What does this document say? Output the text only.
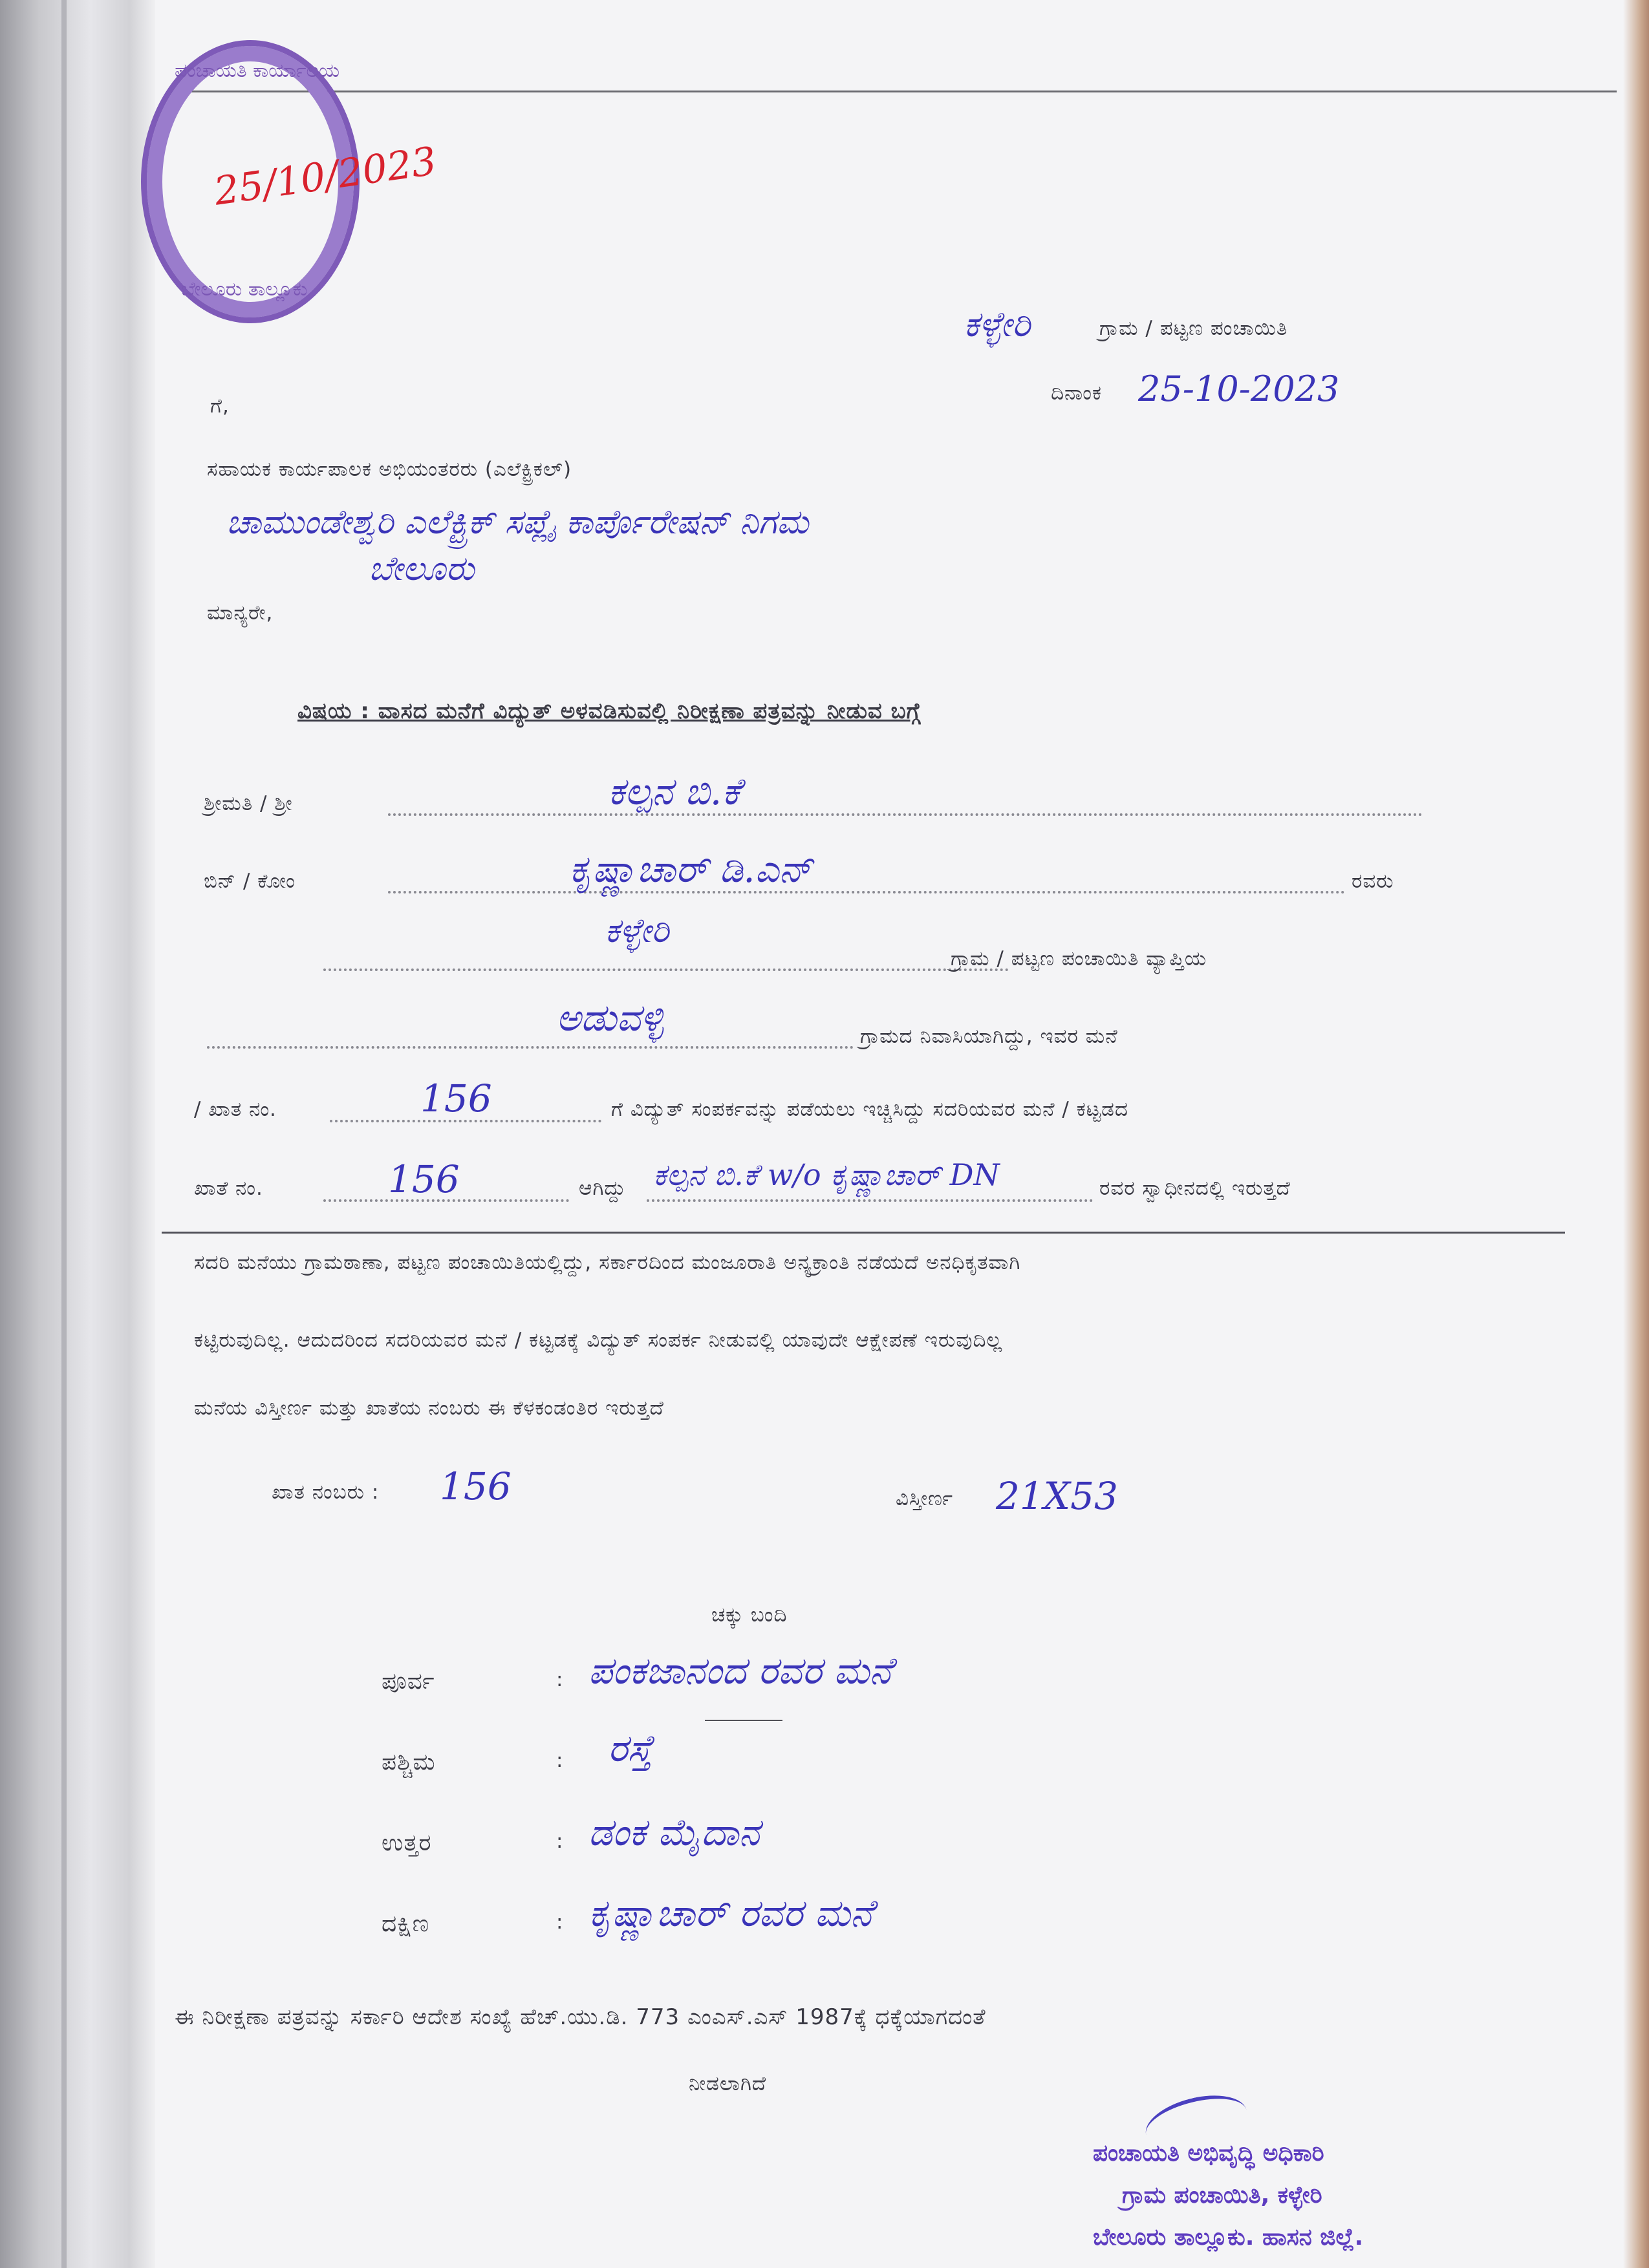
ಪಂಚಾಯತಿ ಕಾರ್ಯಾಲಯ
ಬೇಲೂರು ತಾಲ್ಲೂಕು
25/10/2023
ಕಳ್ಳೇರಿ	ಗ್ರಾಮ / ಪಟ್ಟಣ ಪಂಚಾಯಿತಿ
ದಿನಾಂಕ 25-10-2023
ಗೆ,
ಸಹಾಯಕ ಕಾರ್ಯಪಾಲಕ ಅಭಿಯಂತರರು (ಎಲೆಕ್ಟ್ರಿಕಲ್)
ಚಾಮುಂಡೇಶ್ವರಿ ಎಲೆಕ್ಟ್ರಿಕ್ ಸಪ್ಲೈ ಕಾರ್ಪೊರೇಷನ್ ನಿಗಮ
ಬೇಲೂರು
ಮಾನ್ಯರೇ,
ವಿಷಯ : ವಾಸದ ಮನೆಗೆ ವಿದ್ಯುತ್ ಅಳವಡಿಸುವಲ್ಲಿ ನಿರೀಕ್ಷಣಾ ಪತ್ರವನ್ನು ನೀಡುವ ಬಗ್ಗೆ
ಶ್ರೀಮತಿ / ಶ್ರೀ	ಕಲ್ಪನ ಬಿ.ಕೆ
ಬಿನ್ / ಕೋಂ	ಕೃಷ್ಣಾಚಾರ್ ಡಿ.ಎನ್	ರವರು
ಕಳ್ಳೇರಿ
ಗ್ರಾಮ / ಪಟ್ಟಣ ಪಂಚಾಯಿತಿ ವ್ಯಾಪ್ತಿಯ
ಅಡುವಳ್ಳಿ	ಗ್ರಾಮದ ನಿವಾಸಿಯಾಗಿದ್ದು, ಇವರ ಮನೆ
/ ಖಾತ ನಂ.	156	ಗೆ ವಿದ್ಯುತ್ ಸಂಪರ್ಕವನ್ನು ಪಡೆಯಲು ಇಚ್ಚಿಸಿದ್ದು ಸದರಿಯವರ ಮನೆ / ಕಟ್ಟಡದ
ಖಾತೆ ನಂ.	156	ಆಗಿದ್ದು ಕಲ್ಪನ ಬಿ.ಕೆ w/o ಕೃಷ್ಣಾಚಾರ್ DN	ರವರ ಸ್ವಾಧೀನದಲ್ಲಿ ಇರುತ್ತದೆ
ಸದರಿ ಮನೆಯು ಗ್ರಾಮಠಾಣಾ, ಪಟ್ಟಣ ಪಂಚಾಯಿತಿಯಲ್ಲಿದ್ದು, ಸರ್ಕಾರದಿಂದ ಮಂಜೂರಾತಿ ಅನ್ಯಕ್ರಾಂತಿ ನಡೆಯದೆ ಅನಧಿಕೃತವಾಗಿ
ಕಟ್ಟಿರುವುದಿಲ್ಲ. ಆದುದರಿಂದ ಸದರಿಯವರ ಮನೆ / ಕಟ್ಟಡಕ್ಕೆ ವಿದ್ಯುತ್ ಸಂಪರ್ಕ ನೀಡುವಲ್ಲಿ ಯಾವುದೇ ಆಕ್ಷೇಪಣೆ ಇರುವುದಿಲ್ಲ
ಮನೆಯ ವಿಸ್ತೀರ್ಣ ಮತ್ತು ಖಾತೆಯ ನಂಬರು ಈ ಕೆಳಕಂಡಂತಿರ ಇರುತ್ತದೆ
ಖಾತ ನಂಬರು : 156	ವಿಸ್ತೀರ್ಣ 21X53
ಚಕ್ಕು ಬಂದಿ
ಪೂರ್ವ	: ಪಂಕಜಾನಂದ ರವರ ಮನೆ
ಪಶ್ಚಿಮ	: ರಸ್ತೆ
ಉತ್ತರ	: ಡಂಕ ಮೈದಾನ
ದಕ್ಷಿಣ	: ಕೃಷ್ಣಾಚಾರ್ ರವರ ಮನೆ
ಈ ನಿರೀಕ್ಷಣಾ ಪತ್ರವನ್ನು ಸರ್ಕಾರಿ ಆದೇಶ ಸಂಖ್ಯೆ ಹೆಚ್.ಯು.ಡಿ. 773 ಎಂಎಸ್.ಎಸ್ 1987ಕ್ಕೆ ಧಕ್ಕೆಯಾಗದಂತೆ
ನೀಡಲಾಗಿದೆ
ಪಂಚಾಯತಿ ಅಭಿವೃದ್ಧಿ ಅಧಿಕಾರಿ
ಗ್ರಾಮ ಪಂಚಾಯಿತಿ, ಕಳ್ಳೇರಿ
ಬೇಲೂರು ತಾಲ್ಲೂಕು. ಹಾಸನ ಜಿಲ್ಲೆ.
